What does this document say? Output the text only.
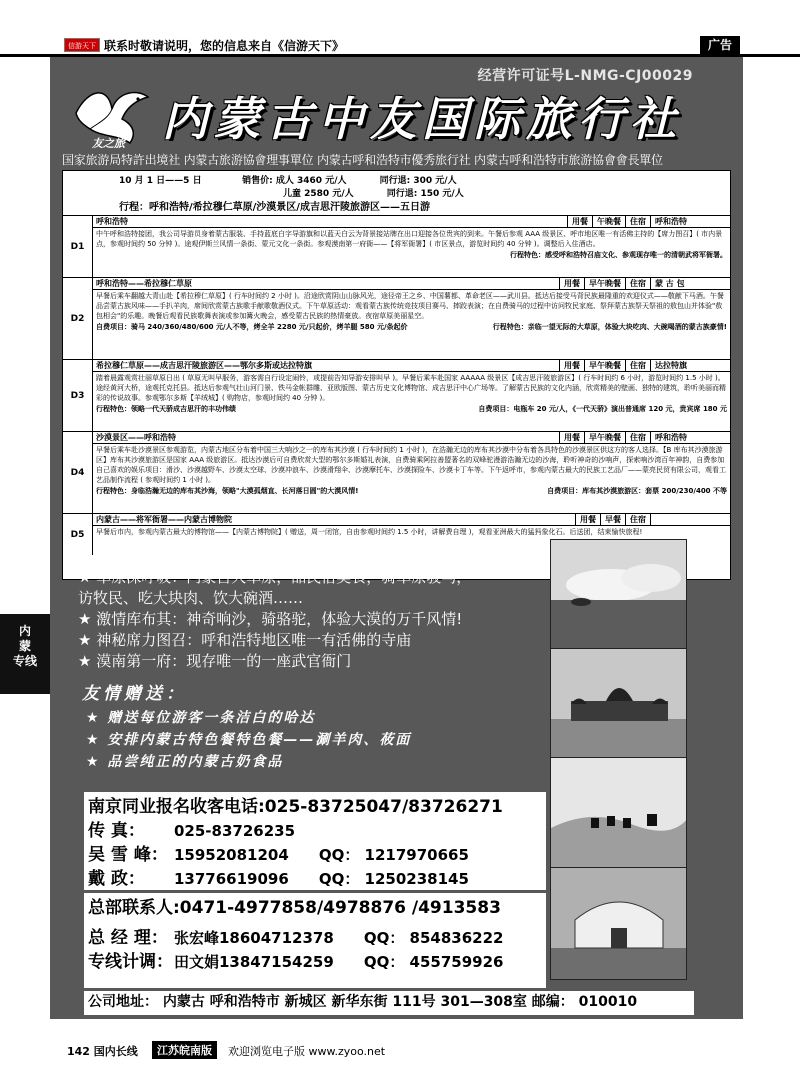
信游天下 联系时敬请说明，您的信息来自《信游天下》	广告
内
蒙
专线
经营许可证号L-NMG-CJ00029
友之旅 内蒙古中友国际旅行社
国家旅游局特許出境社 内蒙古旅游協會理事單位 内蒙古呼和浩特市優秀旅行社 内蒙古呼和浩特市旅游協會會長單位
10 月 1 日——5 日	销售价: 成人 3460 元/人	同行退: 300 元/人
儿童 2580 元/人	同行退: 150 元/人
行程：呼和浩特/希拉穆仁草原/沙漠景区/成吉思汗陵旅游区——五日游
D1
呼和浩特	用餐	午晚餐	住宿	呼和浩特
中午呼和浩特接团，我公司导游员身着蒙古服装、手持蓝底白字导游旗和以蓝天白云为背景接站牌在出口迎接各位贵宾的到来。午餐后参观 AAA 级景区、呼市地区唯一有活佛主持的【席力图召】( 市内景点，参观时间约 50 分钟 )。途观伊斯兰风情一条街、蒙元文化一条街。参观漠南第一府衙——【将军衙署】( 市区景点，游览时间约 40 分钟 )。调整后入住酒店。
行程特色：感受呼和浩特召庙文化、参观现存唯一的清朝武将军衙署。
D2
呼和浩特——希拉穆仁草原	用餐	早午晚餐	住宿	蒙 古 包
早餐后乘车翻越大青山赴【希拉穆仁草原】( 行车时间约 2 小时 )。沿途欣赏阴山山脉风光，途径帝王之乡、中国薯都、革命老区——武川县。抵达后接受马背民族最隆重的欢迎仪式——敬献下马酒。午餐品尝蒙古族风味——手扒羊肉，席间欣赏蒙古族歌手献歌敬酒仪式。下午草原活动：观看蒙古族传统竞技项目赛马、摔跤表演；在自费骑马的过程中访问牧民家庭、祭拜蒙古族祭天祭祖的敖包山并体验"敖包相会"的乐趣。晚餐后观看民族歌舞表演或参加篝火晚会，感受蒙古民族的热情豪放。夜宿草原美丽星空。
自费项目：骑马 240/360/480/600 元/人不等，烤全羊 2280 元/只起价，烤羊腿 580 元/条起价	行程特色：亲临一望无际的大草原，体验大块吃肉、大碗喝酒的蒙古族豪情!
D3
希拉穆仁草原——成吉思汗陵旅游区——鄂尔多斯或达拉特旗	用餐	早午晚餐	住宿	达拉特旗
踏着晨露观赏壮丽草原日出 ( 草原无叫早服务，游客需自行设定闹铃，或提前告知导游安排叫早 )。早餐后乘车赴国家 AAAAA 级景区【成吉思汗陵旅游区】( 行车时间约 6 小时，游览时间约 1.5 小时 )。途经黄河大桥，途观托克托县。抵达后参观气壮山河门景、铁马金帐群雕、亚欧版图、蒙古历史文化博物馆、成吉思汗中心广场等。了解蒙古民族的文化内涵，欣赏精美的壁画、独特的建筑，聆听美丽而精彩的传说故事。参观鄂尔多斯【羊绒城】( 购物店，参观时间约 40 分钟 )。
行程特色：领略一代天骄成吉思汗的丰功伟绩	自费项目：电瓶车 20 元/人，《一代天骄》演出普通席 120 元，贵宾席 180 元
D4
沙漠景区——呼和浩特	用餐	早午晚餐	住宿	呼和浩特
早餐后乘车赴沙漠景区参观游览，内蒙古地区分布着中国三大响沙之一的库布其沙漠 ( 行车时间约 1 小时 )，在浩瀚无边的库布其沙漠中分布着各具特色的沙漠景区供这方的客人选择。【B 库布其沙漠旅游区】库布其沙漠旅游区是国家 AAA 级旅游区。抵达沙漠后可自费欣赏大型的鄂尔多斯婚礼表演，自费骑乘阿拉善盟著名的双峰驼漫游浩瀚无边的沙海，聆听神奇的沙响声，探索响沙湾百年神韵，自费参加自己喜欢的娱乐项目：滑沙、沙漠越野车、沙漠太空球、沙漠冲浪车、沙漠滑翔伞、沙漠摩托车、沙漠探险车、沙漠卡丁车等。下午返呼市，参观内蒙古最大的民族工艺品厂——蒙亮民贸有限公司，观看工艺品制作流程 ( 参观时间约 1 小时 )。
行程特色：身临浩瀚无边的库布其沙海，领略"大漠孤烟直、长河落日圆"的大漠风情!	自费项目：库布其沙漠旅游区：套票 200/230/400 不等
D5
内蒙古——将军衙署——内蒙古博物院	用餐	早餐	住宿
早餐后市内，参观内蒙古最大的博物馆——【内蒙古博物院】( 赠送，周一闭馆，自由参观时间约 1.5 小时，讲解费自理 )，观看亚洲最大的猛犸象化石。后送团，结束愉快旅程!
行程特色：
★ 草原深呼吸：内蒙古大草原，品民俗美食，骑草原骏马，
访牧民、吃大块肉、饮大碗酒……
★ 激情库布其：神奇响沙，骑骆驼，体验大漠的万千风情!
★ 神秘席力图召：呼和浩特地区唯一有活佛的寺庙
★ 漠南第一府：现存唯一的一座武官衙门
友情赠送：
★ 赠送每位游客一条洁白的哈达
★ 安排内蒙古特色餐特色餐——涮羊肉、莜面
★ 品尝纯正的内蒙古奶食品
南京同业报名收客电话:025-83725047/83726271
传 真：	025-83726235
吴 雪 峰： 15952081204 QQ： 1217970665
戴 政：	13776619096 QQ： 1250238145
总部联系人:0471-4977858/4978876 /4913583
总 经 理： 张宏峰18604712378 QQ： 854836222
专线计调： 田文娟13847154259 QQ： 455759926
公司地址： 内蒙古 呼和浩特市 新城区 新华东街 111号 301—308室 邮编： 010010
142 国内长线	江苏皖南版	欢迎浏览电子版 www.zyoo.net
